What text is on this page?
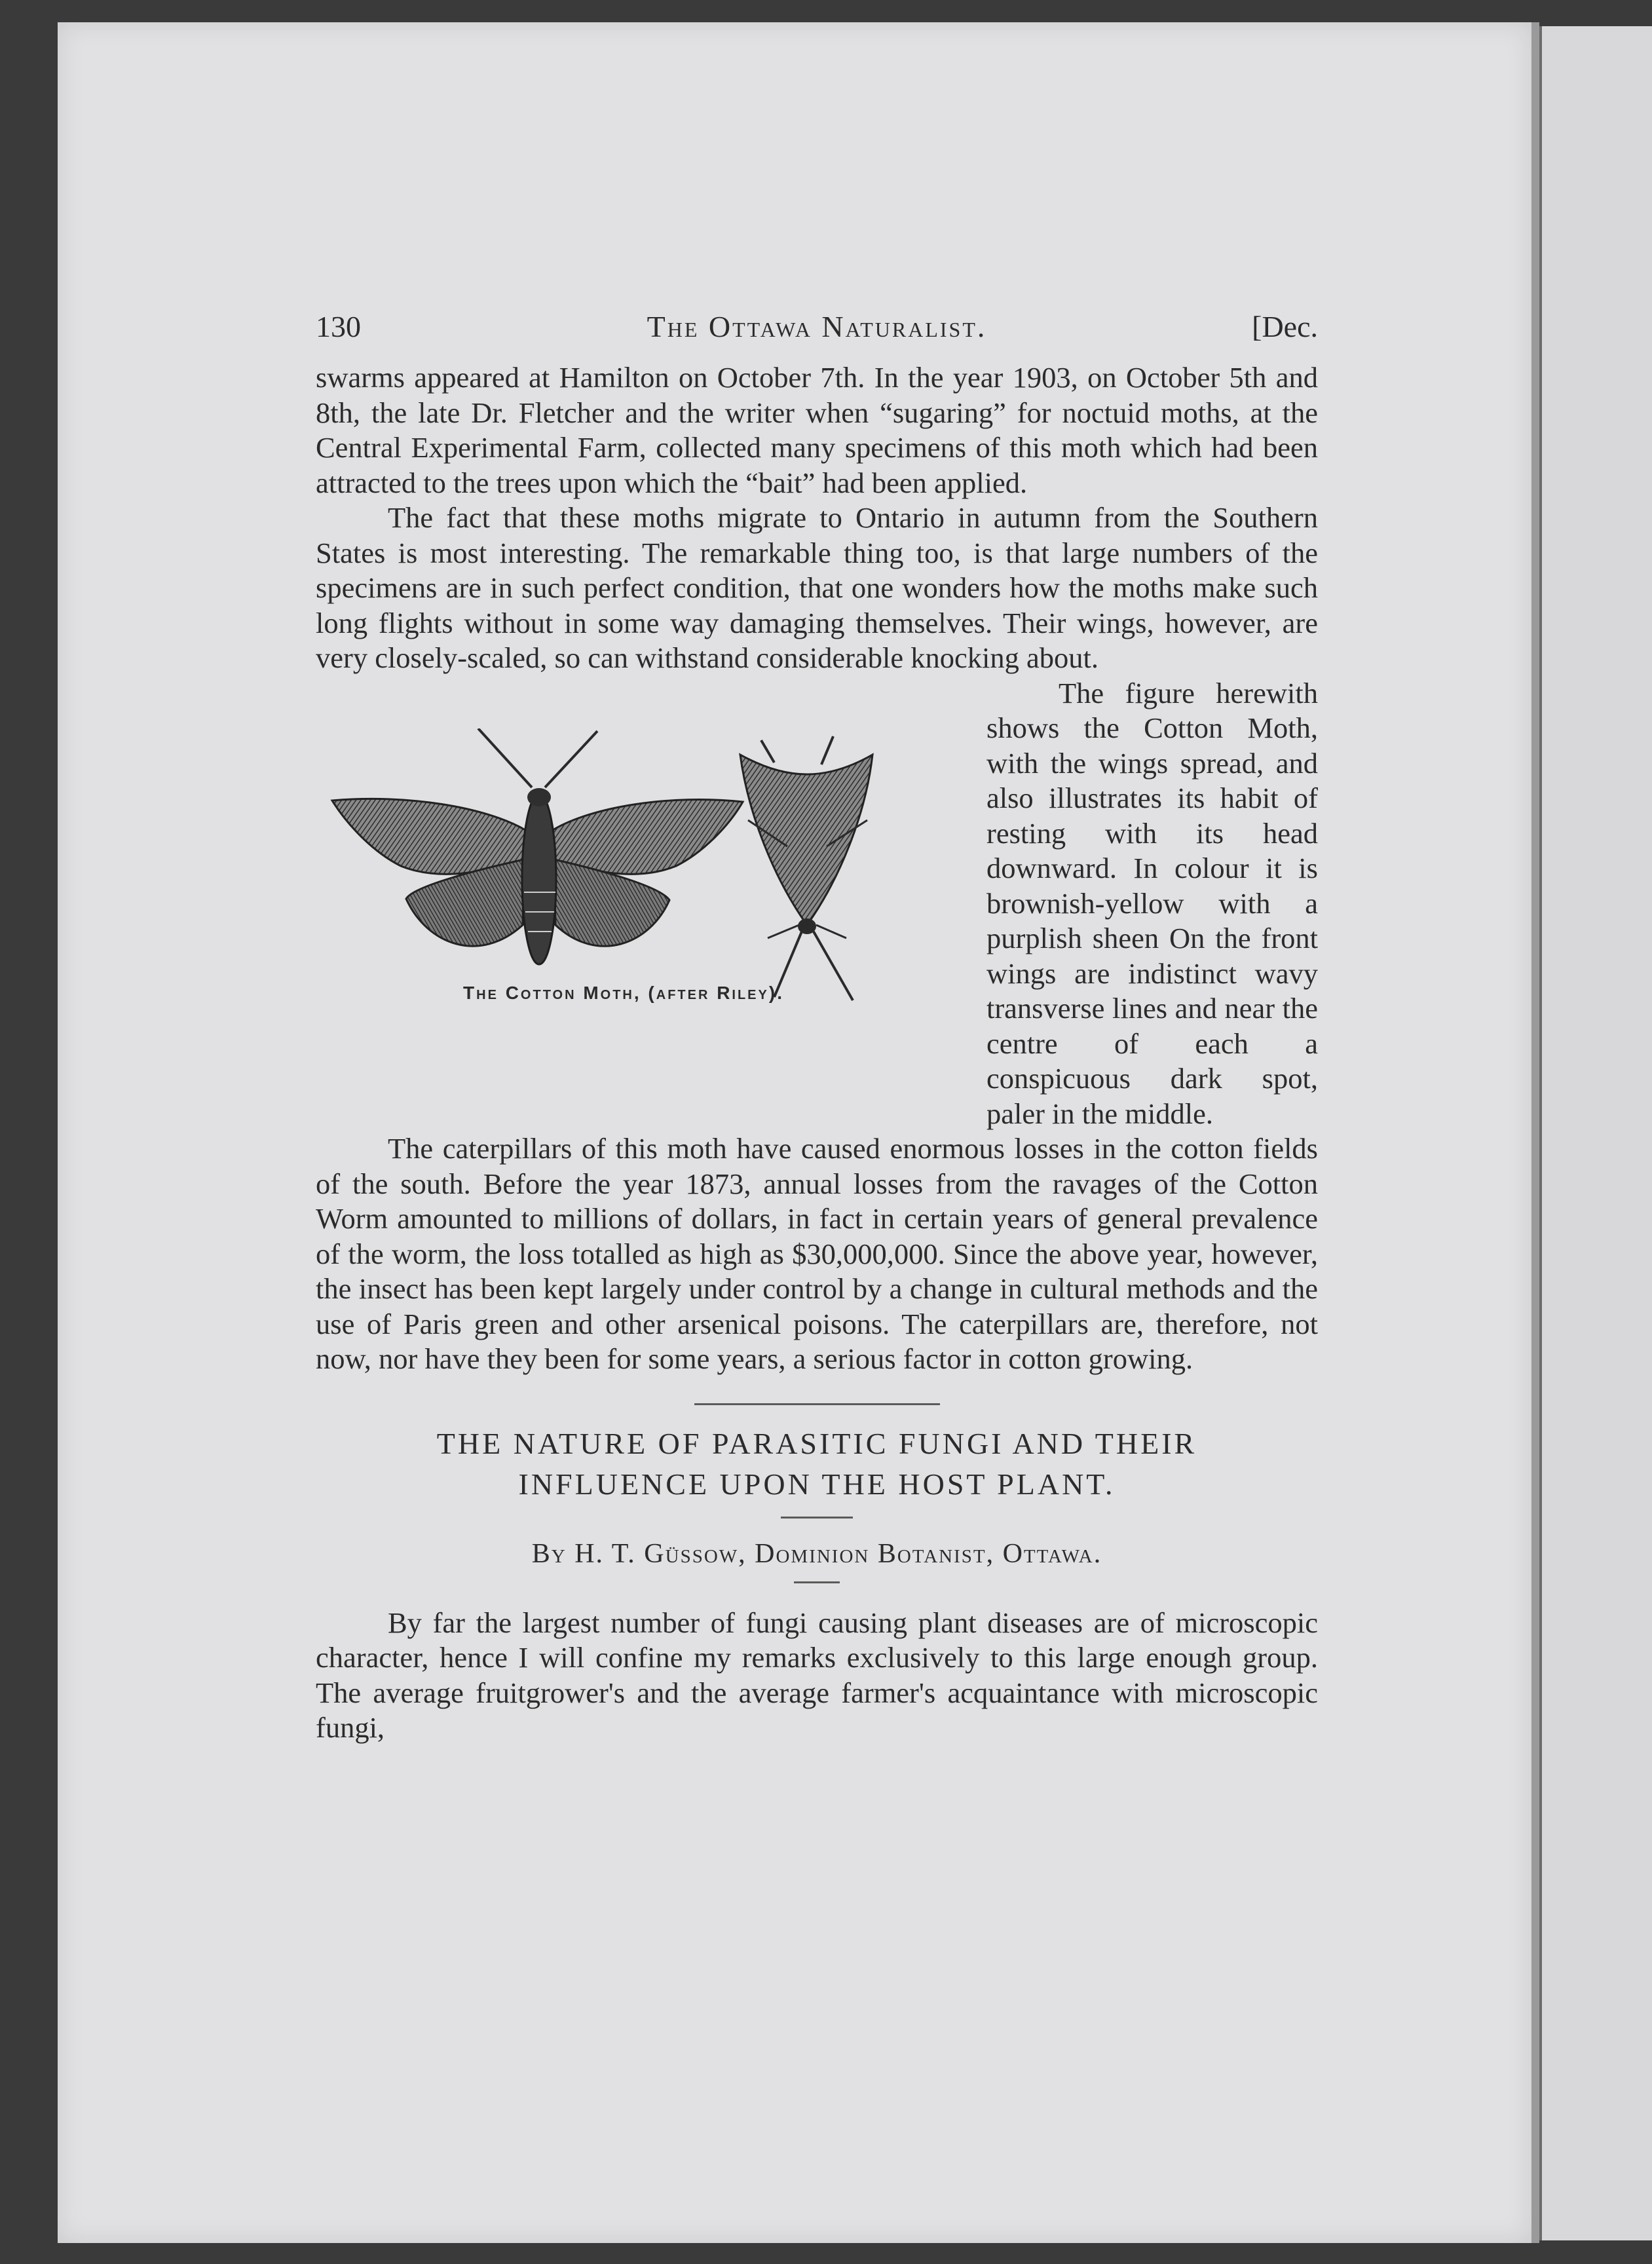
130	The Ottawa Naturalist.	[Dec.

swarms appeared at Hamilton on October 7th. In the year 1903, on October 5th and 8th, the late Dr. Fletcher and the writer when “sugaring” for noctuid moths, at the Central Experimental Farm, collected many specimens of this moth which had been attracted to the trees upon which the “bait” had been applied.

The fact that these moths migrate to Ontario in autumn from the Southern States is most interesting. The remarkable thing too, is that large numbers of the specimens are in such perfect condition, that one wonders how the moths make such long flights without in some way damaging themselves. Their wings, however, are very closely-scaled, so can withstand considerable knocking about.

The Cotton Moth, (after Riley).

The figure herewith shows the Cotton Moth, with the wings spread, and also illustrates its habit of resting with its head downward. In colour it is brownish-yellow with a purplish sheen On the front wings are indistinct wavy transverse lines and near the centre of each a conspicuous dark spot, paler in the middle.

The caterpillars of this moth have caused enormous losses in the cotton fields of the south. Before the year 1873, annual losses from the ravages of the Cotton Worm amounted to millions of dollars, in fact in certain years of general prevalence of the worm, the loss totalled as high as $30,000,000. Since the above year, however, the insect has been kept largely under control by a change in cultural methods and the use of Paris green and other arsenical poisons. The caterpillars are, therefore, not now, nor have they been for some years, a serious factor in cotton growing.

THE NATURE OF PARASITIC FUNGI AND THEIR
INFLUENCE UPON THE HOST PLANT.
By H. T. Güssow, Dominion Botanist, Ottawa.

By far the largest number of fungi causing plant diseases are of microscopic character, hence I will confine my remarks exclusively to this large enough group. The average fruitgrower's and the average farmer's acquaintance with microscopic fungi,
